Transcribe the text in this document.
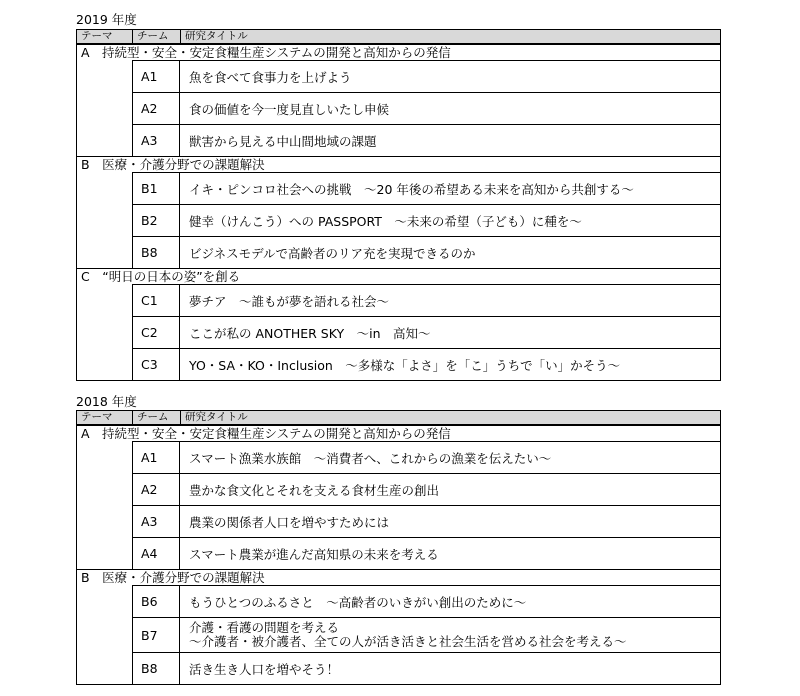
2019 年度
テーマ チーム 研究タイトル
A　持続型・安全・安定食糧生産システムの開発と高知からの発信
A1	魚を食べて食事力を上げよう
A2	食の価値を今一度見直しいたし申候
A3	獣害から見える中山間地域の課題
B　医療・介護分野での課題解決
B1	イキ・ピンコロ社会への挑戦　～20 年後の希望ある未来を高知から共創する～
B2	健幸（けんこう）への PASSPORT　～未来の希望（子ども）に種を～
B8	ビジネスモデルで高齢者のリア充を実現できるのか
C　“明日の日本の姿”を創る
C1	夢チア　～誰もが夢を語れる社会～
C2	ここが私の ANOTHER SKY　～in　高知～
C3	YO・SA・KO・Inclusion　～多様な「よさ」を「こ」うちで「い」かそう～
2018 年度
テーマ チーム 研究タイトル
A　持続型・安全・安定食糧生産システムの開発と高知からの発信
A1	スマート漁業水族館　～消費者へ、これからの漁業を伝えたい～
A2	豊かな食文化とそれを支える食材生産の創出
A3	農業の関係者人口を増やすためには
A4	スマート農業が進んだ高知県の未来を考える
B　医療・介護分野での課題解決
B6	もうひとつのふるさと　～高齢者のいきがい創出のために～
B7	介護・看護の問題を考える
～介護者・被介護者、全ての人が活き活きと社会生活を営める社会を考える～
B8	活き生き人口を増やそう！
